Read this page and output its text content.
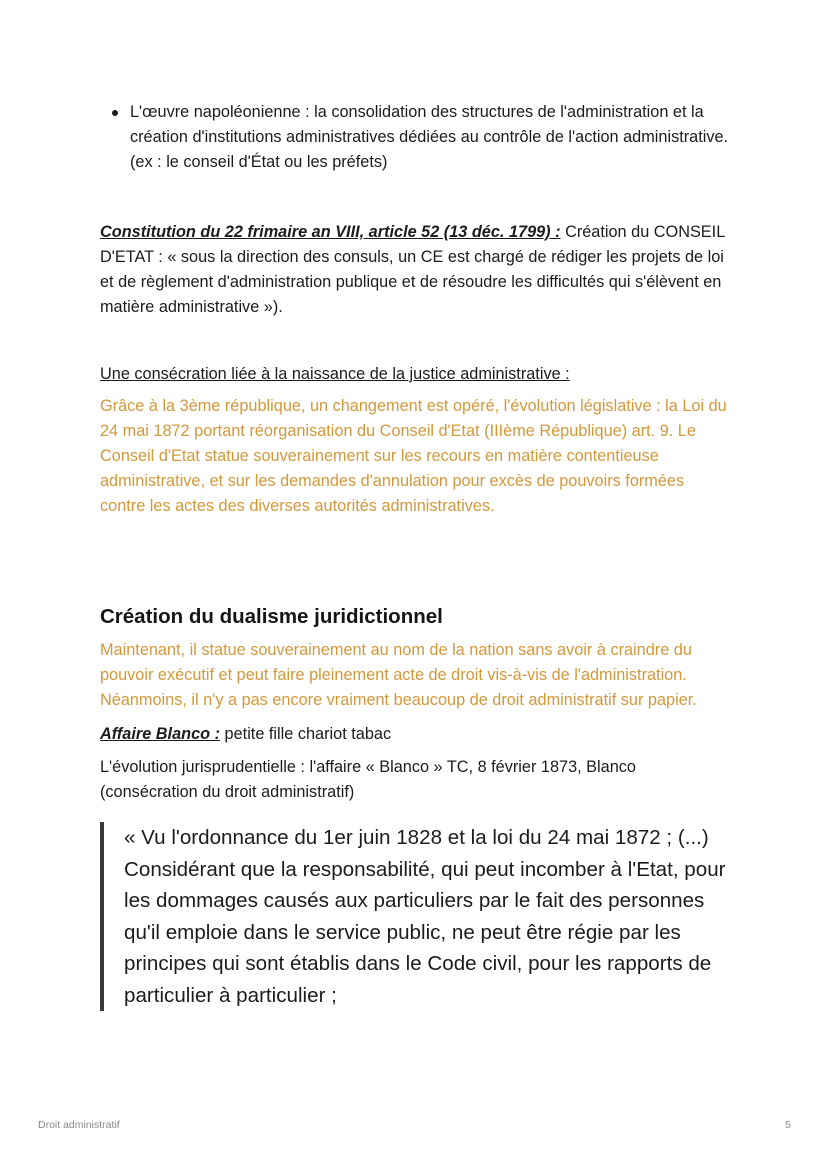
L'œuvre napoléonienne : la consolidation des structures de l'administration et la création d'institutions administratives dédiées au contrôle de l'action administrative. (ex : le conseil d'État ou les préfets)

Constitution du 22 frimaire an VIII, article 52 (13 déc. 1799) : Création du CONSEIL D'ETAT : « sous la direction des consuls, un CE est chargé de rédiger les projets de loi et de règlement d'administration publique et de résoudre les difficultés qui s'élèvent en matière administrative »).

Une consécration liée à la naissance de la justice administrative :

Grâce à la 3ème république, un changement est opéré, l'évolution législative : la Loi du 24 mai 1872 portant réorganisation du Conseil d'Etat (IIIème République) art. 9. Le Conseil d'Etat statue souverainement sur les recours en matière contentieuse administrative, et sur les demandes d'annulation pour excès de pouvoirs formées contre les actes des diverses autorités administratives.

Création du dualisme juridictionnel

Maintenant, il statue souverainement au nom de la nation sans avoir à craindre du pouvoir exécutif et peut faire pleinement acte de droit vis-à-vis de l'administration. Néanmoins, il n'y a pas encore vraiment beaucoup de droit administratif sur papier.

Affaire Blanco : petite fille chariot tabac

L'évolution jurisprudentielle : l'affaire « Blanco » TC, 8 février 1873, Blanco (consécration du droit administratif)

« Vu l'ordonnance du 1er juin 1828 et la loi du 24 mai 1872 ; (...) Considérant que la responsabilité, qui peut incomber à l'Etat, pour les dommages causés aux particuliers par le fait des personnes qu'il emploie dans le service public, ne peut être régie par les principes qui sont établis dans le Code civil, pour les rapports de particulier à particulier ;
Droit administratif	5
